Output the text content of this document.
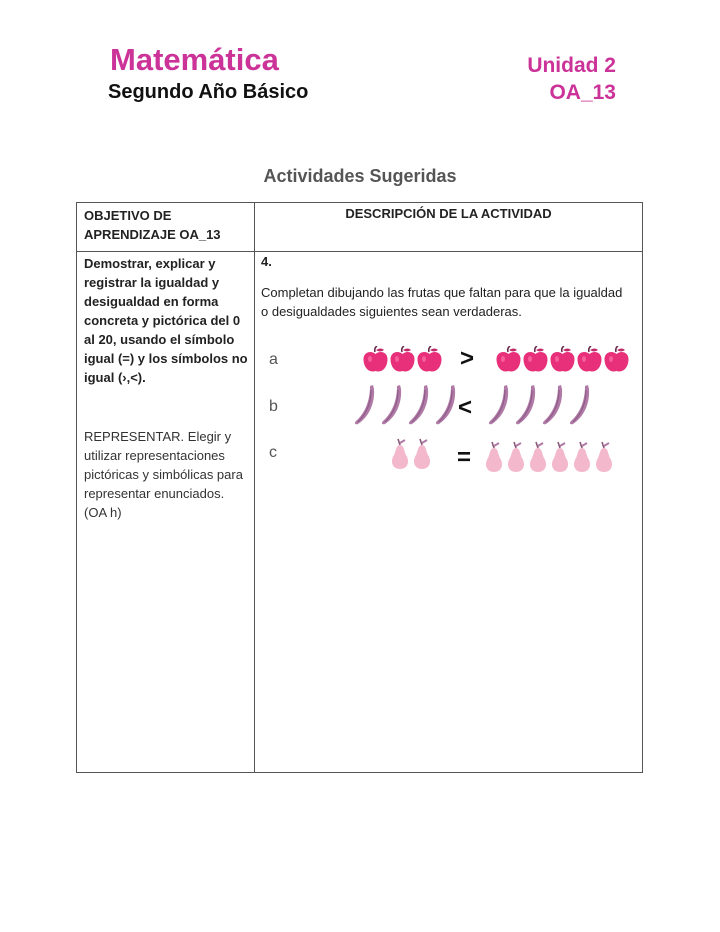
Matemática
Segundo Año Básico
Unidad 2
OA_13
Actividades Sugeridas
OBJETIVO DE APRENDIZAJE OA_13
DESCRIPCIÓN DE LA ACTIVIDAD
Demostrar, explicar y registrar la igualdad y desigualdad en forma concreta y pictórica del 0 al 20, usando el símbolo igual (=) y los símbolos no igual (›,<).
REPRESENTAR. Elegir y utilizar representaciones pictóricas y simbólicas para representar enunciados. (OA h)
4.
Completan dibujando las frutas que faltan para que la igualdad o desigualdades siguientes sean verdaderas.
a	>
b	<
c	=
